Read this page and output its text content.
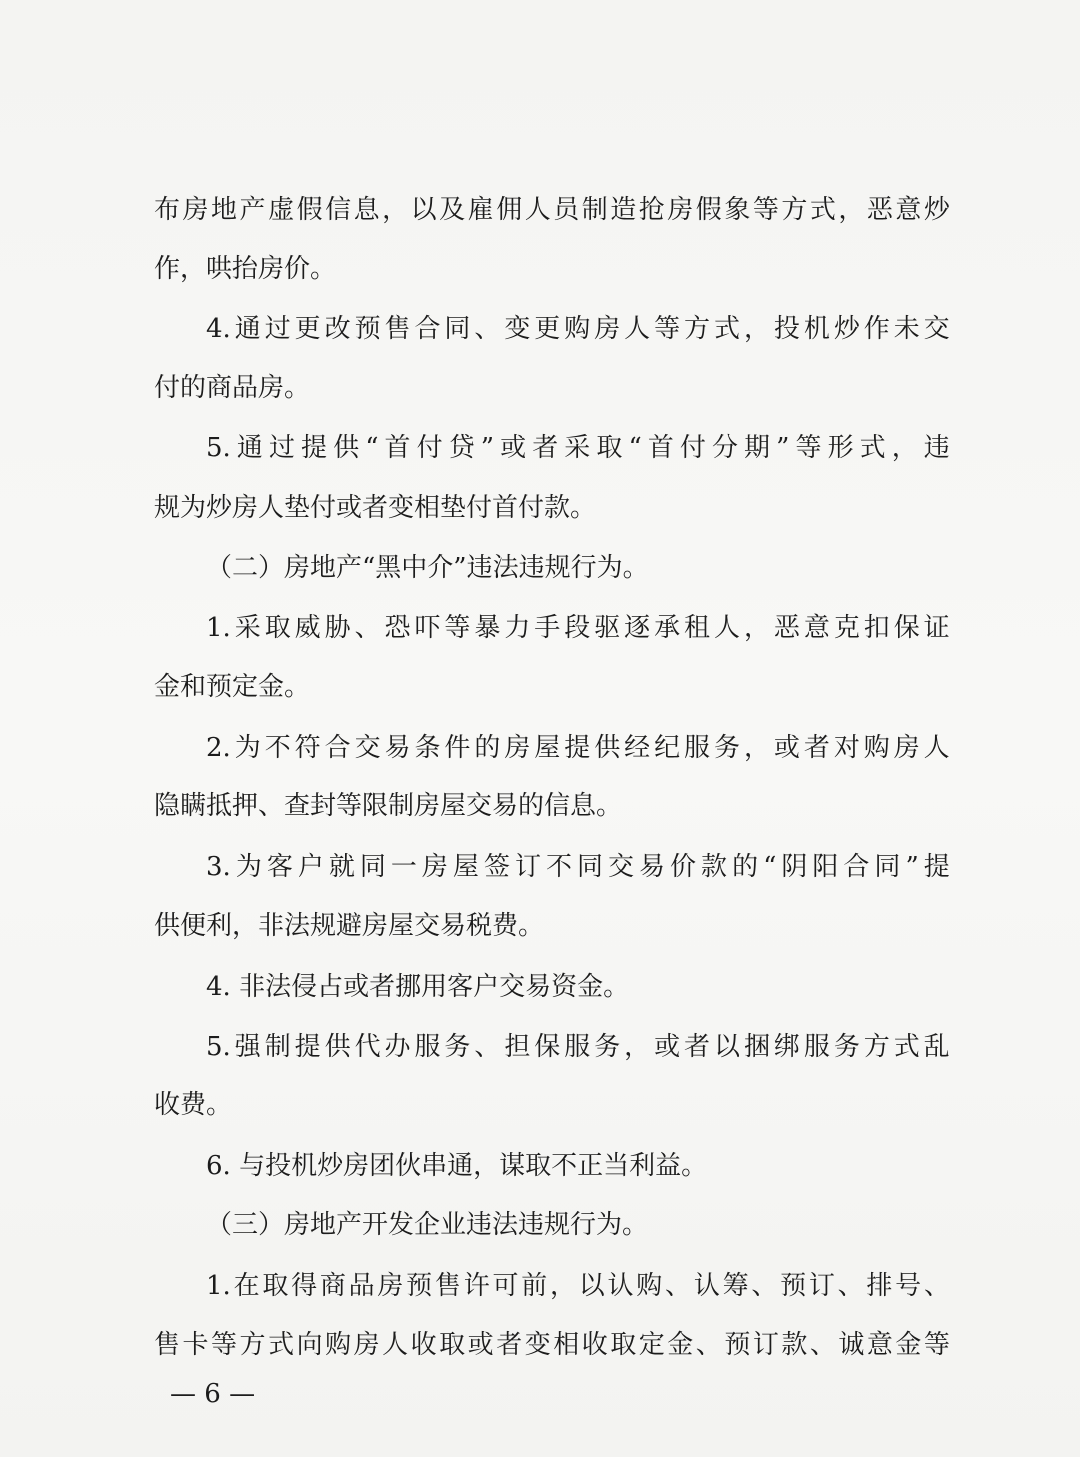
布 房 地 产 虚 假 信 息 ， 以 及 雇 佣 人 员 制 造 抢 房 假 象 等 方 式 ， 恶 意 炒
作，哄抬房价。
4. 通 过 更 改 预 售 合 同 、 变 更 购 房 人 等 方 式 ， 投 机 炒 作 未 交
付的商品房。
5. 通 过 提 供 “ 首 付 贷 ” 或 者 采 取 “ 首 付 分 期 ” 等 形 式 ， 违
规为炒房人垫付或者变相垫付首付款。
（二）房地产“黑中介”违法违规行为。
1. 采 取 威 胁 、 恐 吓 等 暴 力 手 段 驱 逐 承 租 人 ， 恶 意 克 扣 保 证
金和预定金。
2. 为 不 符 合 交 易 条 件 的 房 屋 提 供 经 纪 服 务 ， 或 者 对 购 房 人
隐瞒抵押、查封等限制房屋交易的信息。
3. 为 客 户 就 同 一 房 屋 签 订 不 同 交 易 价 款 的 “ 阴 阳 合 同 ” 提
供便利，非法规避房屋交易税费。
4. 非法侵占或者挪用客户交易资金。
5. 强 制 提 供 代 办 服 务 、 担 保 服 务 ， 或 者 以 捆 绑 服 务 方 式 乱
收费。
6. 与投机炒房团伙串通，谋取不正当利益。
（三）房地产开发企业违法违规行为。
1. 在 取 得 商 品 房 预 售 许 可 前 ， 以 认 购 、 认 筹 、 预 订 、 排 号 、
售 卡 等 方 式 向 购 房 人 收 取 或 者 变 相 收 取 定 金 、 预 订 款 、 诚 意 金 等
— 6 —
